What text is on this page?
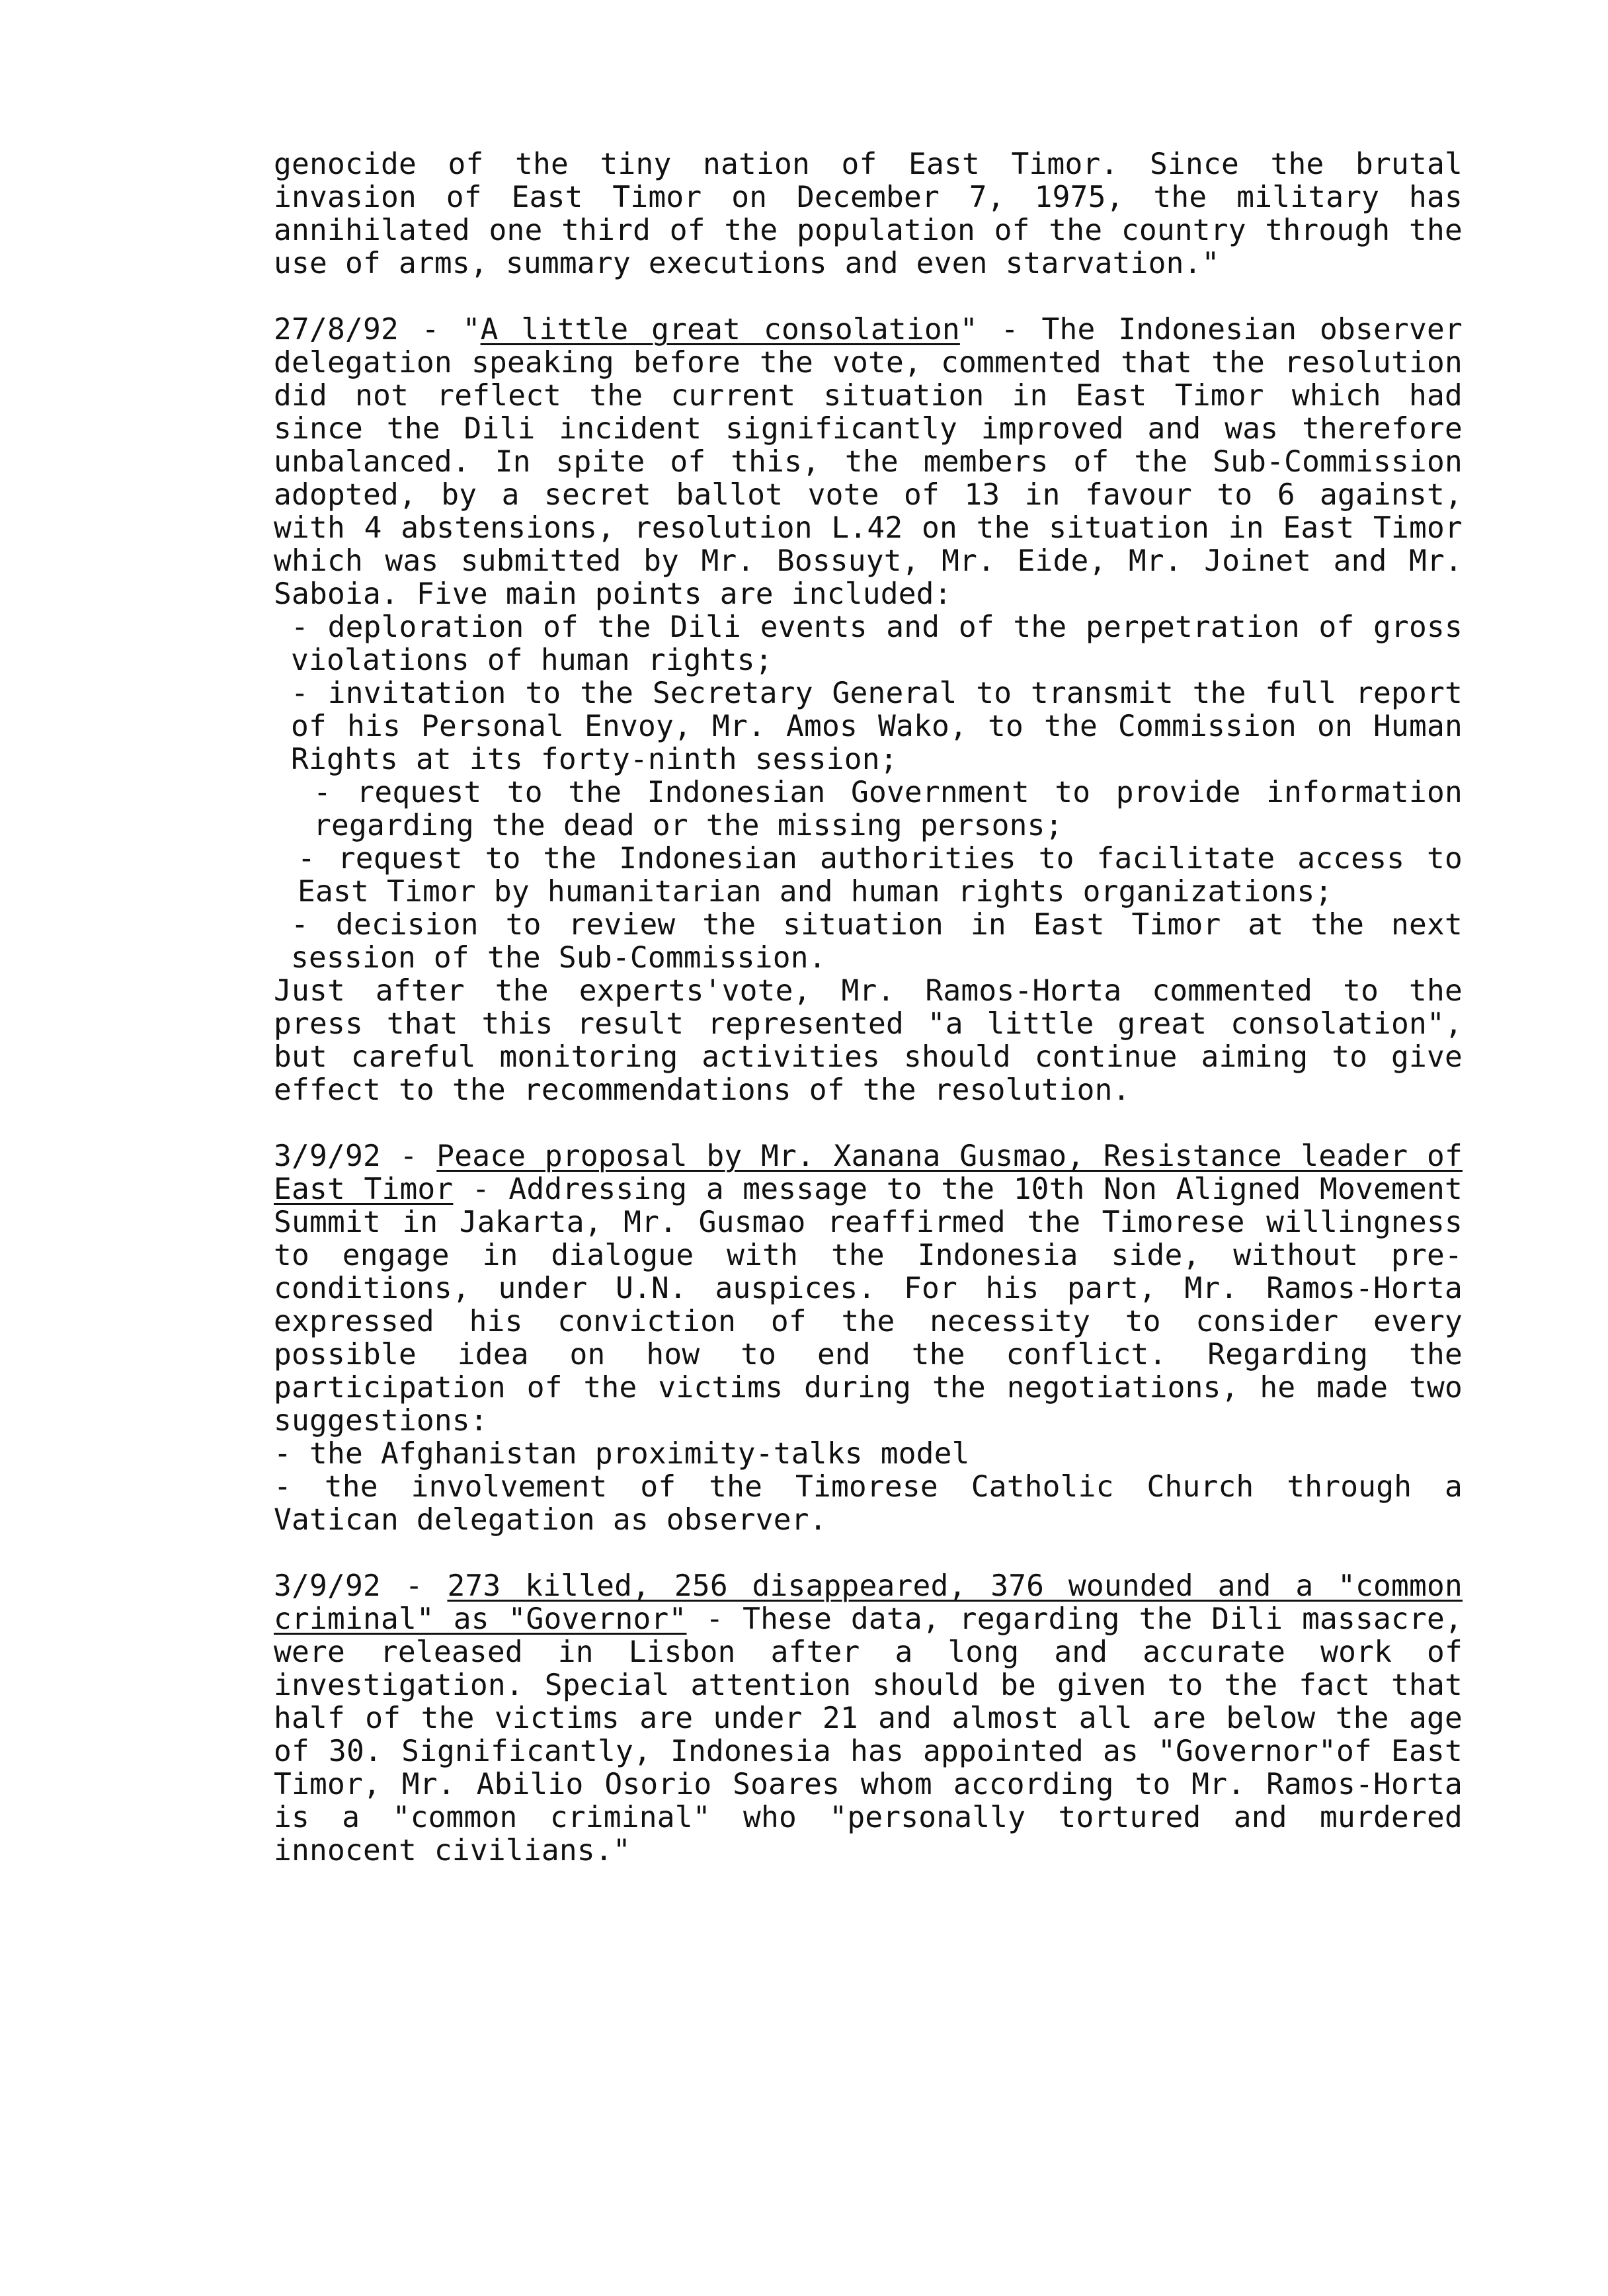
genocide of the tiny nation of East Timor. Since the brutal invasion of East Timor on December 7, 1975, the military has annihilated one third of the population of the country through the use of arms, summary executions and even starvation."

27/8/92 - "A little great consolation" - The Indonesian observer delegation speaking before the vote, commented that the resolution did not reflect the current situation in East Timor which had since the Dili incident significantly improved and was therefore unbalanced. In spite of this, the members of the Sub-Commission adopted, by a secret ballot vote of 13 in favour to 6 against, with 4 abstensions, resolution L.42 on the situation in East Timor which was submitted by Mr. Bossuyt, Mr. Eide, Mr. Joinet and Mr. Saboia. Five main points are included:

- deploration of the Dili events and of the perpetration of gross violations of human rights;

- invitation to the Secretary General to transmit the full report of his Personal Envoy, Mr. Amos Wako, to the Commission on Human Rights at its forty-ninth session;

- request to the Indonesian Government to provide information regarding the dead or the missing persons;

- request to the Indonesian authorities to facilitate access to East Timor by humanitarian and human rights organizations;

- decision to review the situation in East Timor at the next session of the Sub-Commission.

Just after the experts'vote, Mr. Ramos-Horta commented to the press that this result represented "a little great consolation", but careful monitoring activities should continue aiming to give effect to the recommendations of the resolution.

3/9/92 - Peace proposal by Mr. Xanana Gusmao, Resistance leader of East Timor - Addressing a message to the 10th Non Aligned Movement Summit in Jakarta, Mr. Gusmao reaffirmed the Timorese willingness to engage in dialogue with the Indonesia side, without pre-conditions, under U.N. auspices. For his part, Mr. Ramos-Horta expressed his conviction of the necessity to consider every possible idea on how to end the conflict. Regarding the participation of the victims during the negotiations, he made two suggestions:

- the Afghanistan proximity-talks model

- the involvement of the Timorese Catholic Church through a Vatican delegation as observer.

3/9/92 - 273 killed, 256 disappeared, 376 wounded and a "common criminal" as "Governor" - These data, regarding the Dili massacre, were released in Lisbon after a long and accurate work of investigation. Special attention should be given to the fact that half of the victims are under 21 and almost all are below the age of 30. Significantly, Indonesia has appointed as "Governor"of East Timor, Mr. Abilio Osorio Soares whom according to Mr. Ramos-Horta is a "common criminal" who "personally tortured and murdered innocent civilians."
